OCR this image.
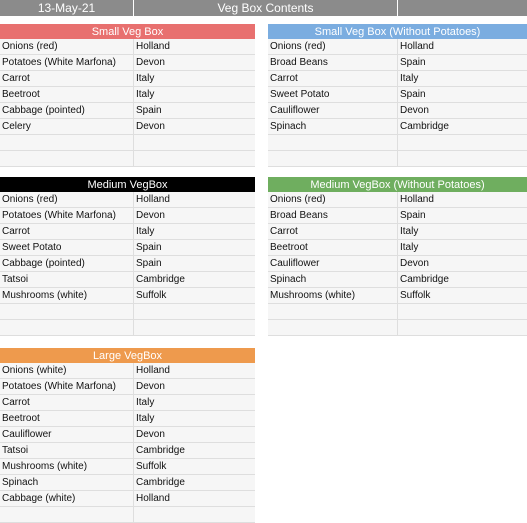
13-May-21	Veg Box Contents
Small Veg Box
Onions (red)	Holland
Potatoes (White Marfona)	Devon
Carrot	Italy
Beetroot	Italy
Cabbage (pointed)	Spain
Celery	Devon
Small Veg Box (Without Potatoes)
Onions (red)	Holland
Broad Beans	Spain
Carrot	Italy
Sweet Potato	Spain
Cauliflower	Devon
Spinach	Cambridge
Medium VegBox
Onions (red)	Holland
Potatoes (White Marfona)	Devon
Carrot	Italy
Sweet Potato	Spain
Cabbage (pointed)	Spain
Tatsoi	Cambridge
Mushrooms (white)	Suffolk
Medium VegBox (Without Potatoes)
Onions (red)	Holland
Broad Beans	Spain
Carrot	Italy
Beetroot	Italy
Cauliflower	Devon
Spinach	Cambridge
Mushrooms (white)	Suffolk
Large VegBox
Onions (white)	Holland
Potatoes (White Marfona)	Devon
Carrot	Italy
Beetroot	Italy
Cauliflower	Devon
Tatsoi	Cambridge
Mushrooms (white)	Suffolk
Spinach	Cambridge
Cabbage (white)	Holland
